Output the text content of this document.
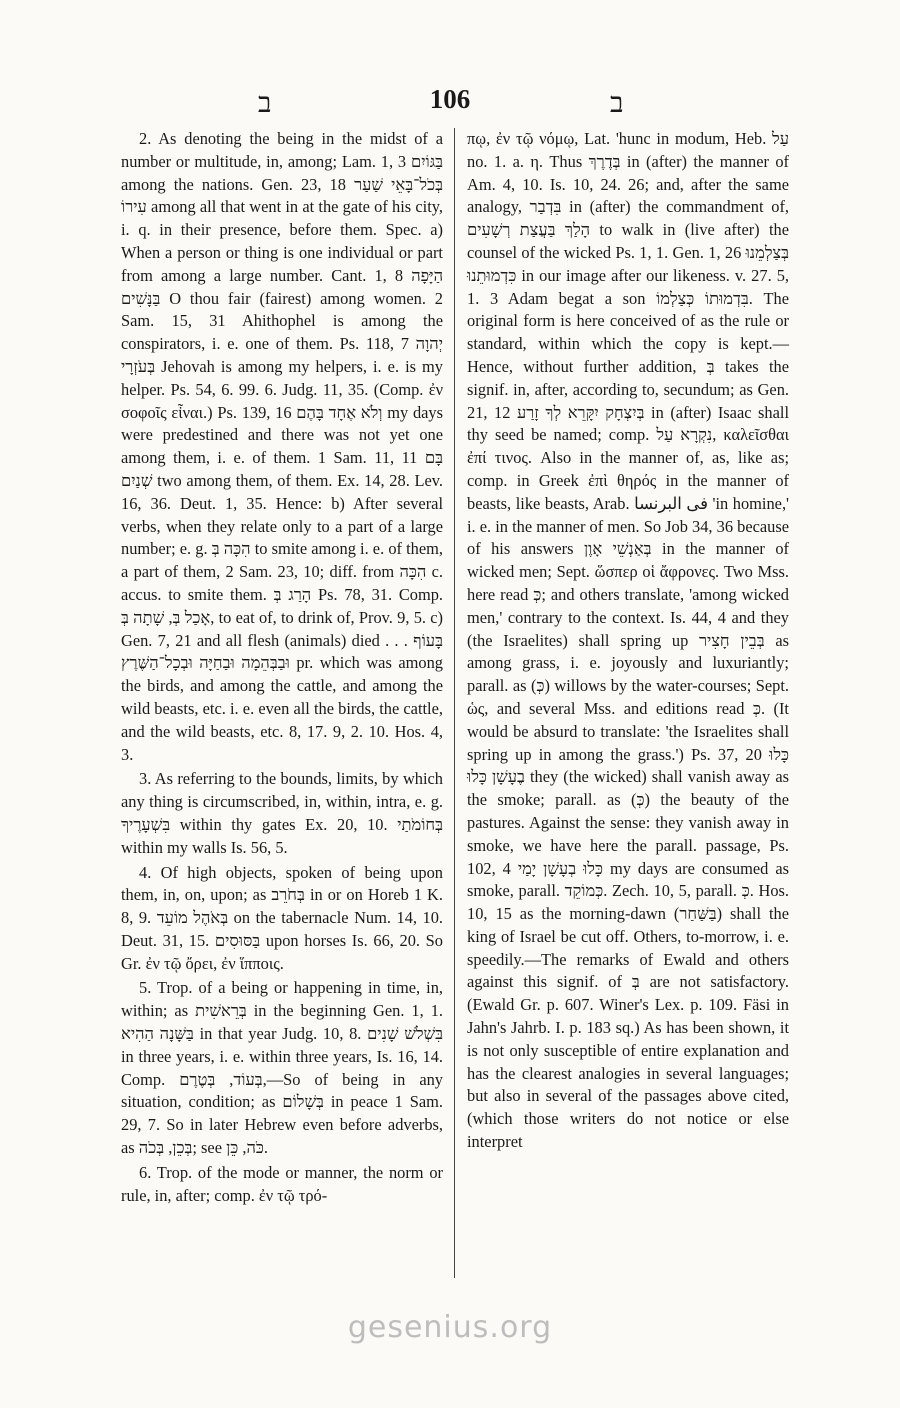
ב	106	ב

2. As denoting the being in the midst of a number or multitude, in, among; Lam. 1, 3 בַּגּוֹיִם among the nations. Gen. 23, 18 בְּכֹל־בָּאֵי שַׁעַר עִירוֹ among all that went in at the gate of his city, i. q. in their presence, before them. Spec. a) When a person or thing is one individual or part from among a large number. Cant. 1, 8 הַיָּפָה בַּנָּשִׁים O thou fair (fairest) among women. 2 Sam. 15, 31 Ahithophel is among the conspirators, i. e. one of them. Ps. 118, 7 יְהוָה בְּעֹזְרָי Jehovah is among my helpers, i. e. is my helper. Ps. 54, 6. 99. 6. Judg. 11, 35. (Comp. ἐν σοφοῖς εἶναι.) Ps. 139, 16 וְלֹא אֶחָד בָּהֶם my days were predestined and there was not yet one among them, i. e. of them. 1 Sam. 11, 11 בָּם שְׁנַיִם two among them, of them. Ex. 14, 28. Lev. 16, 36. Deut. 1, 35. Hence: b) After several verbs, when they relate only to a part of a large number; e. g. הִכָּה בְּ to smite among i. e. of them, a part of them, 2 Sam. 23, 10; diff. from הִכָּה c. accus. to smite them. הָרַג בְּ Ps. 78, 31. Comp. אָכַל בְּ, שָׁתָה בְּ, to eat of, to drink of, Prov. 9, 5. c) Gen. 7, 21 and all flesh (animals) died . . . בָּעוֹף וּבַבְּהֵמָה וּבַחַיָּה וּבְכָל־הַשֶּׁרֶץ pr. which was among the birds, and among the cattle, and among the wild beasts, etc. i. e. even all the birds, the cattle, and the wild beasts, etc. 8, 17. 9, 2. 10. Hos. 4, 3.

3. As referring to the bounds, limits, by which any thing is circumscribed, in, within, intra, e. g. בִּשְׁעָרֶיךָ within thy gates Ex. 20, 10. בְּחוֹמֹתַי within my walls Is. 56, 5.

4. Of high objects, spoken of being upon them, in, on, upon; as בְּחֹרֵב in or on Horeb 1 K. 8, 9. בְּאֹהֶל מוֹעֵד on the tabernacle Num. 14, 10. Deut. 31, 15. בַּסּוּסִים upon horses Is. 66, 20. So Gr. ἐν τῷ ὄρει, ἐν ἵπποις.

5. Trop. of a being or happening in time, in, within; as בְּרֵאשִׁית in the beginning Gen. 1, 1. בַּשָּׁנָה הַהִיא in that year Judg. 10, 8. בִּשְׁלֹשׁ שָׁנִים in three years, i. e. within three years, Is. 16, 14. Comp. בְּעוֹד, בְּטֶרֶם,—So of being in any situation, condition; as בְּשָׁלוֹם in peace 1 Sam. 29, 7. So in later Hebrew even before adverbs, as בְּכֵן, בְּכֹה; see כֹּה, כֵּן.

6. Trop. of the mode or manner, the norm or rule, in, after; comp. ἐν τῷ τρό-

πῳ, ἐν τῷ νόμῳ, Lat. 'hunc in modum, Heb. עַל no. 1. a. η. Thus בְּדֶרֶךְ in (after) the manner of Am. 4, 10. Is. 10, 24. 26; and, after the same analogy, בִּדְבַר in (after) the commandment of, הָלַךְ בַּעֲצַת רְשָׁעִים to walk in (live after) the counsel of the wicked Ps. 1, 1. Gen. 1, 26 בְּצַלְמֵנוּ כִּדְמוּתֵנוּ in our image after our likeness. v. 27. 5, 1. 3 Adam begat a son בִּדְמוּתוֹ כְּצַלְמוֹ. The original form is here conceived of as the rule or standard, within which the copy is kept.—Hence, without further addition, בְּ takes the signif. in, after, according to, secundum; as Gen. 21, 12 בְּיִצְחָק יִקָּרֵא לְךָ זָרַע in (after) Isaac shall thy seed be named; comp. נִקְרָא עַל, καλεῖσθαι ἐπί τινος. Also in the manner of, as, like as; comp. in Greek ἐπὶ θηρός in the manner of beasts, like beasts, Arab. فى البرنسا 'in homine,' i. e. in the manner of men. So Job 34, 36 because of his answers בְּאַנְשֵׁי אָוֶן in the manner of wicked men; Sept. ὥσπερ οἱ ἄφρονες. Two Mss. here read כְּ; and others translate, 'among wicked men,' contrary to the context. Is. 44, 4 and they (the Israelites) shall spring up בְּבֵין חָצִיר as among grass, i. e. joyously and luxuriantly; parall. as (כְּ) willows by the water-courses; Sept. ὡς, and several Mss. and editions read כְּ. (It would be absurd to translate: 'the Israelites shall spring up in among the grass.') Ps. 37, 20 כָּלוּ בֶעָשָׁן כָּלוּ they (the wicked) shall vanish away as the smoke; parall. as (כְּ) the beauty of the pastures. Against the sense: they vanish away in smoke, we have here the parall. passage, Ps. 102, 4 כָּלוּ בְעָשָׁן יָמַי my days are consumed as smoke, parall. כְּמוֹקֵד. Zech. 10, 5, parall. כְּ. Hos. 10, 15 as the morning-dawn (בַּשַּׁחַר) shall the king of Israel be cut off. Others, to-morrow, i. e. speedily.—The remarks of Ewald and others against this signif. of בְּ are not satisfactory. (Ewald Gr. p. 607. Winer's Lex. p. 109. Fäsi in Jahn's Jahrb. I. p. 183 sq.) As has been shown, it is not only susceptible of entire explanation and has the clearest analogies in several languages; but also in several of the passages above cited, (which those writers do not notice or else interpret

gesenius.org
